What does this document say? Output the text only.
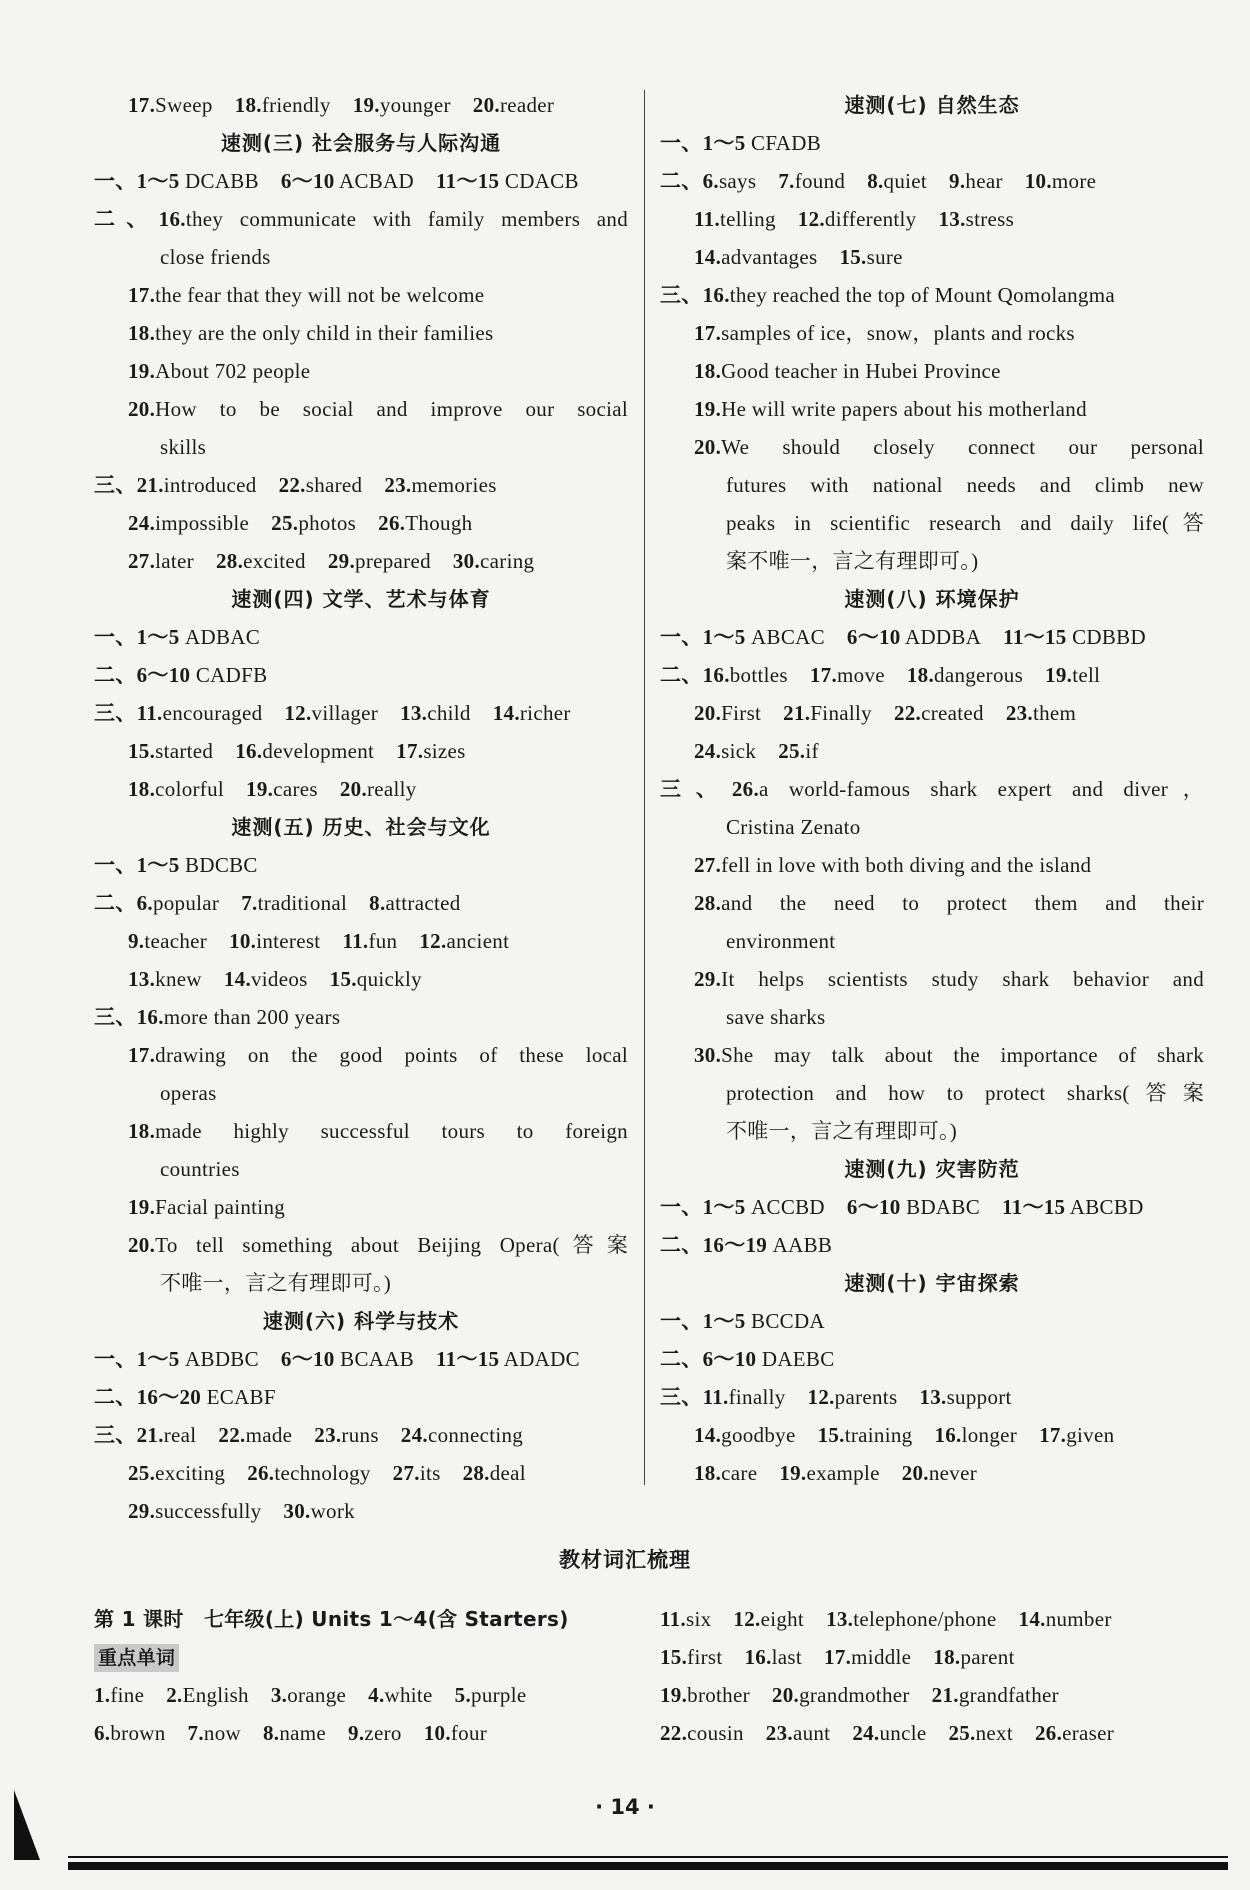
17.Sweep 18.friendly 19.younger 20.reader
速测(三) 社会服务与人际沟通
一、1～5 DCABB 6～10 ACBAD 11～15 CDACB
二、16.they communicate with family members and
close friends
17.the fear that they will not be welcome
18.they are the only child in their families
19.About 702 people
20.How to be social and improve our social
skills
三、21.introduced 22.shared 23.memories
24.impossible 25.photos 26.Though
27.later 28.excited 29.prepared 30.caring
速测(四) 文学、艺术与体育
一、1～5 ADBAC
二、6～10 CADFB
三、11.encouraged 12.villager 13.child 14.richer
15.started 16.development 17.sizes
18.colorful 19.cares 20.really
速测(五) 历史、社会与文化
一、1～5 BDCBC
二、6.popular 7.traditional 8.attracted
9.teacher 10.interest 11.fun 12.ancient
13.knew 14.videos 15.quickly
三、16.more than 200 years
17.drawing on the good points of these local
operas
18.made highly successful tours to foreign
countries
19.Facial painting
20.To tell something about Beijing Opera(答案
不唯一，言之有理即可。)
速测(六) 科学与技术
一、1～5 ABDBC 6～10 BCAAB 11～15 ADADC
二、16～20 ECABF
三、21.real 22.made 23.runs 24.connecting
25.exciting 26.technology 27.its 28.deal
29.successfully 30.work
速测(七) 自然生态
一、1～5 CFADB
二、6.says 7.found 8.quiet 9.hear 10.more
11.telling 12.differently 13.stress
14.advantages 15.sure
三、16.they reached the top of Mount Qomolangma
17.samples of ice，snow，plants and rocks
18.Good teacher in Hubei Province
19.He will write papers about his motherland
20.We should closely connect our personal
futures with national needs and climb new
peaks in scientific research and daily life(答
案不唯一，言之有理即可。)
速测(八) 环境保护
一、1～5 ABCAC 6～10 ADDBA 11～15 CDBBD
二、16.bottles 17.move 18.dangerous 19.tell
20.First 21.Finally 22.created 23.them
24.sick 25.if
三、26.a world-famous shark expert and diver，
Cristina Zenato
27.fell in love with both diving and the island
28.and the need to protect them and their
environment
29.It helps scientists study shark behavior and
save sharks
30.She may talk about the importance of shark
protection and how to protect sharks(答案
不唯一，言之有理即可。)
速测(九) 灾害防范
一、1～5 ACCBD 6～10 BDABC 11～15 ABCBD
二、16～19 AABB
速测(十) 宇宙探索
一、1～5 BCCDA
二、6～10 DAEBC
三、11.finally 12.parents 13.support
14.goodbye 15.training 16.longer 17.given
18.care 19.example 20.never
教材词汇梳理
第 1 课时　七年级(上) Units 1～4(含 Starters)
重点单词
1.fine 2.English 3.orange 4.white 5.purple
6.brown 7.now 8.name 9.zero 10.four
11.six 12.eight 13.telephone/phone 14.number
15.first 16.last 17.middle 18.parent
19.brother 20.grandmother 21.grandfather
22.cousin 23.aunt 24.uncle 25.next 26.eraser
· 14 ·
